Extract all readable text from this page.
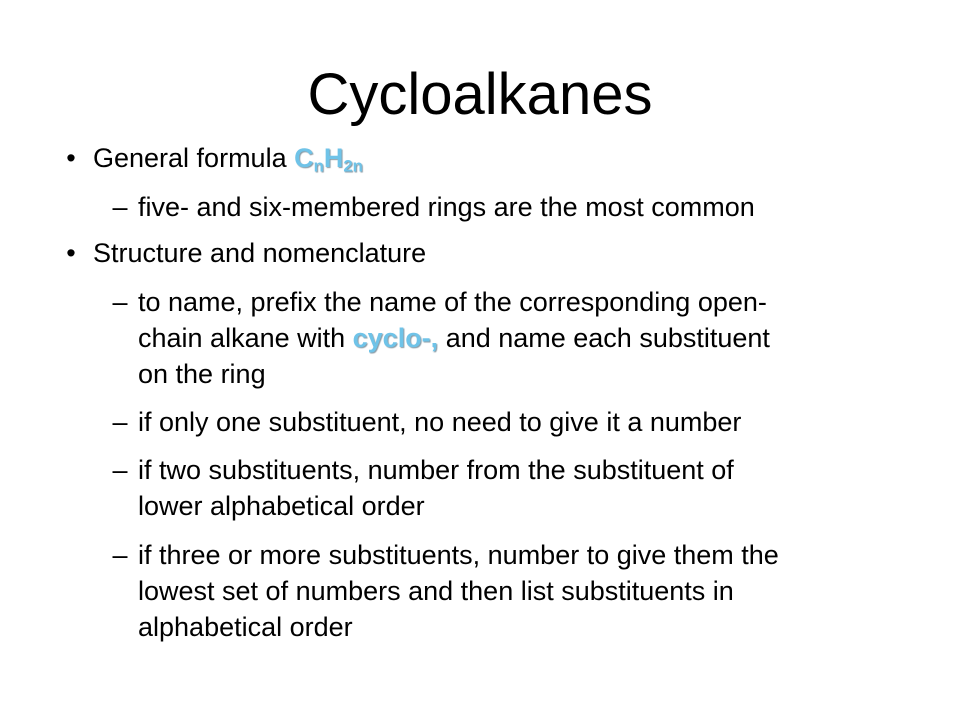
Cycloalkanes
• General formula $C_nH_{2n}$
– five- and six-membered rings are the most common
• Structure and nomenclature
– to name, prefix the name of the corresponding open-
chain alkane with cyclo-, and name each substituent
on the ring
– if only one substituent, no need to give it a number
– if two substituents, number from the substituent of
lower alphabetical order
– if three or more substituents, number to give them the
lowest set of numbers and then list substituents in
alphabetical order
